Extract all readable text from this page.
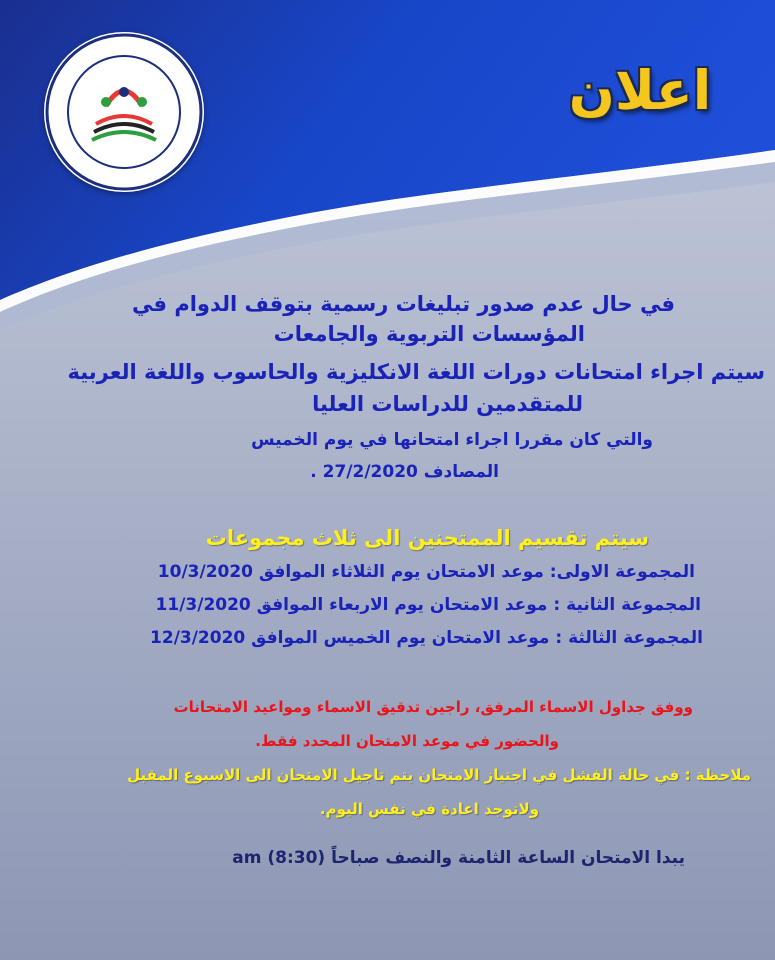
اعلان
في حال عدم صدور تبليغات رسمية بتوقف الدوام في
المؤسسات التربوية والجامعات
سيتم اجراء امتحانات دورات اللغة الانكليزية والحاسوب واللغة العربية
للمتقدمين للدراسات العليا
والتي كان مقررا اجراء امتحانها في يوم الخميس
المصادف 27/2/2020 .
سيتم تقسيم الممتحنين الى ثلاث مجموعات
المجموعة الاولى: موعد الامتحان يوم الثلاثاء الموافق 10/3/2020
المجموعة الثانية : موعد الامتحان يوم الاربعاء الموافق 11/3/2020
المجموعة الثالثة : موعد الامتحان يوم الخميس الموافق 12/3/2020
ووفق جداول الاسماء المرفق، راجين تدقيق الاسماء ومواعيد الامتحانات
والحضور في موعد الامتحان المحدد فقط.
ملاحظة : في حالة الفشل في اجتياز الامتحان يتم تاجيل الامتحان الى الاسبوع المقبل
ولاتوجد اعادة في نفس اليوم.
يبدا الامتحان الساعة الثامنة والنصف صباحاً (8:30) am
